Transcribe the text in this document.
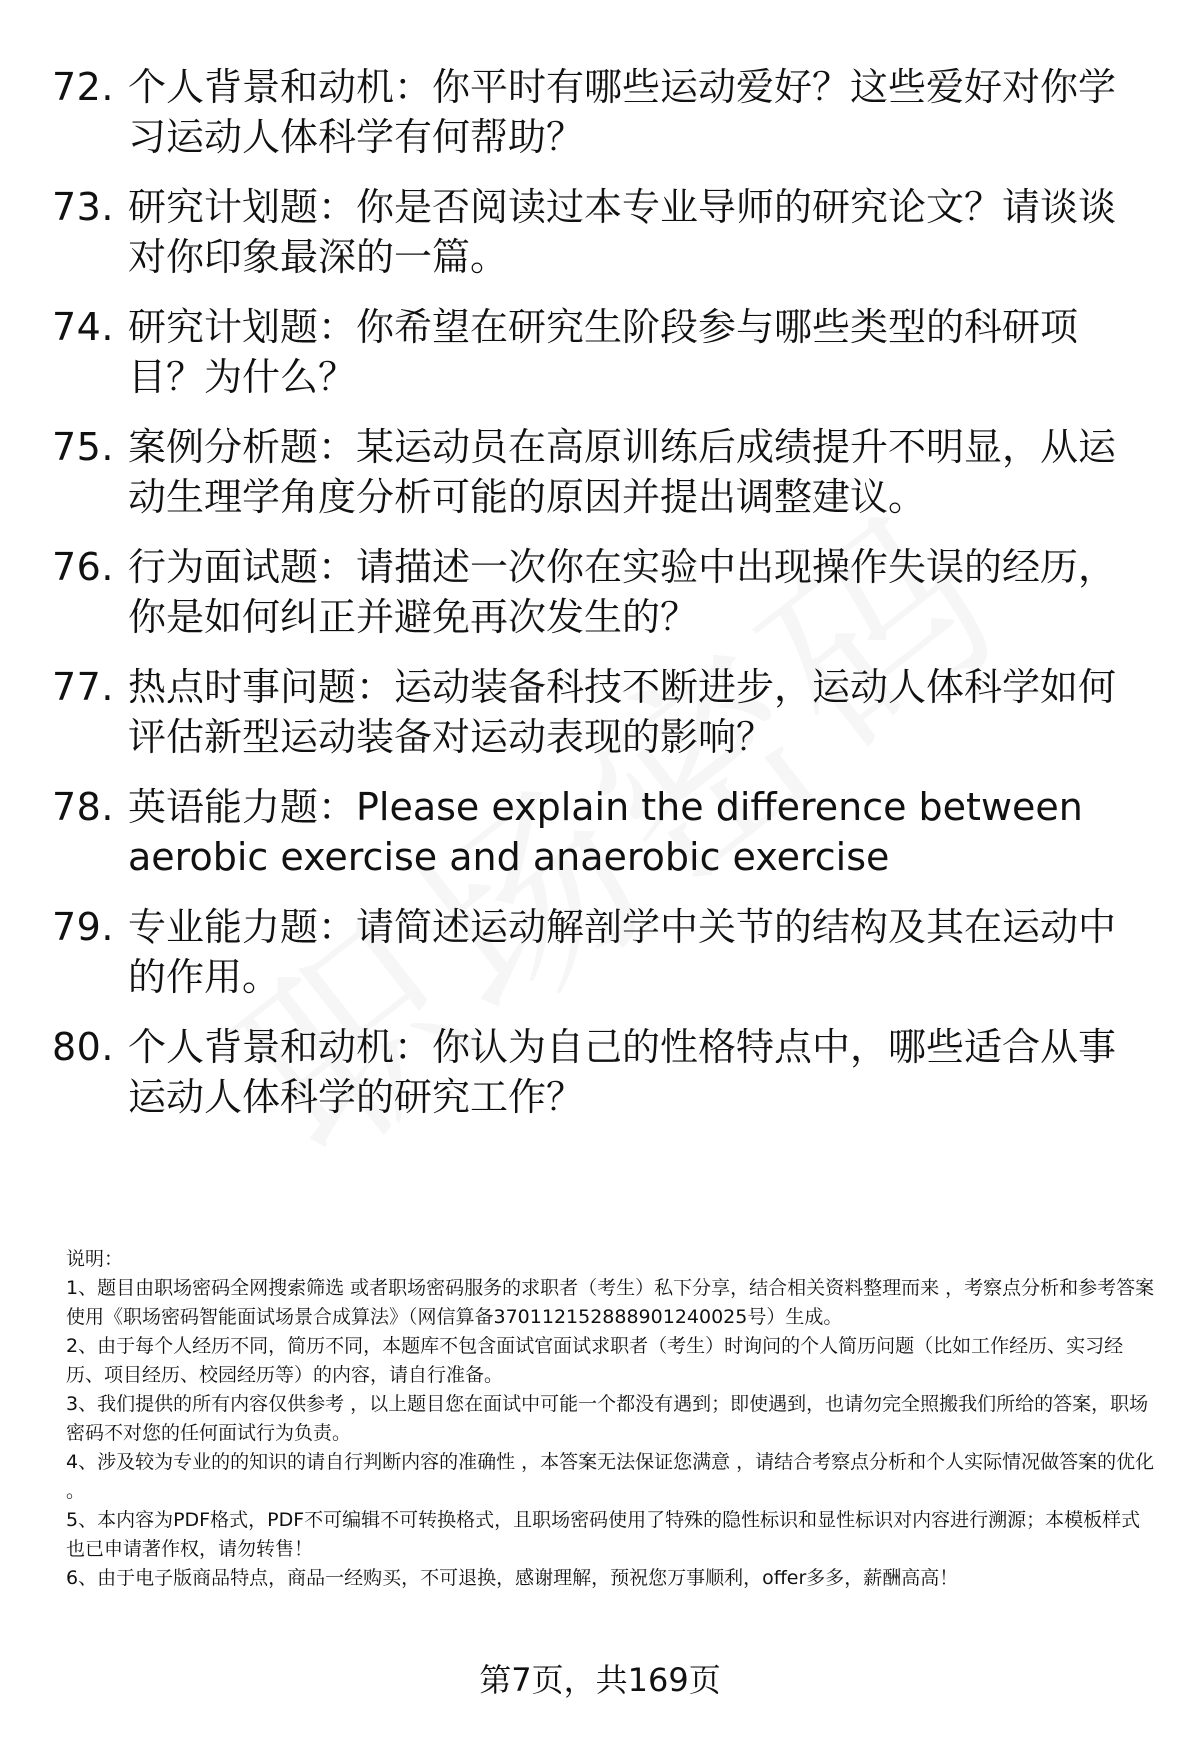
72. 个人背景和动机：你平时有哪些运动爱好？这些爱好对你学习运动人体科学有何帮助？
73. 研究计划题：你是否阅读过本专业导师的研究论文？请谈谈对你印象最深的一篇。
74. 研究计划题：你希望在研究生阶段参与哪些类型的科研项目？为什么？
75. 案例分析题：某运动员在高原训练后成绩提升不明显，从运动生理学角度分析可能的原因并提出调整建议。
76. 行为面试题：请描述一次你在实验中出现操作失误的经历，你是如何纠正并避免再次发生的？
77. 热点时事问题：运动装备科技不断进步，运动人体科学如何评估新型运动装备对运动表现的影响？
78. 英语能力题：Please explain the difference between aerobic exercise and anaerobic exercise
79. 专业能力题：请简述运动解剖学中关节的结构及其在运动中的作用。
80. 个人背景和动机：你认为自己的性格特点中，哪些适合从事运动人体科学的研究工作？

说明：

1、题目由职场密码全网搜索筛选 或者职场密码服务的求职者（考生）私下分享，结合相关资料整理而来 ，考察点分析和参考答案使用《职场密码智能面试场景合成算法》（网信算备370112152888901240025号）生成。

2、由于每个人经历不同，简历不同，本题库不包含面试官面试求职者（考生）时询问的个人简历问题（比如工作经历、实习经历、项目经历、校园经历等）的内容，请自行准备。

3、我们提供的所有内容仅供参考 ，以上题目您在面试中可能一个都没有遇到；即使遇到，也请勿完全照搬我们所给的答案，职场密码不对您的任何面试行为负责。

4、涉及较为专业的的知识的请自行判断内容的准确性 ，本答案无法保证您满意 ，请结合考察点分析和个人实际情况做答案的优化 。

5、本内容为PDF格式，PDF不可编辑不可转换格式，且职场密码使用了特殊的隐性标识和显性标识对内容进行溯源；本模板样式也已申请著作权，请勿转售！

6、由于电子版商品特点，商品一经购买，不可退换，感谢理解，预祝您万事顺利，offer多多，薪酬高高！

第7页，共169页
